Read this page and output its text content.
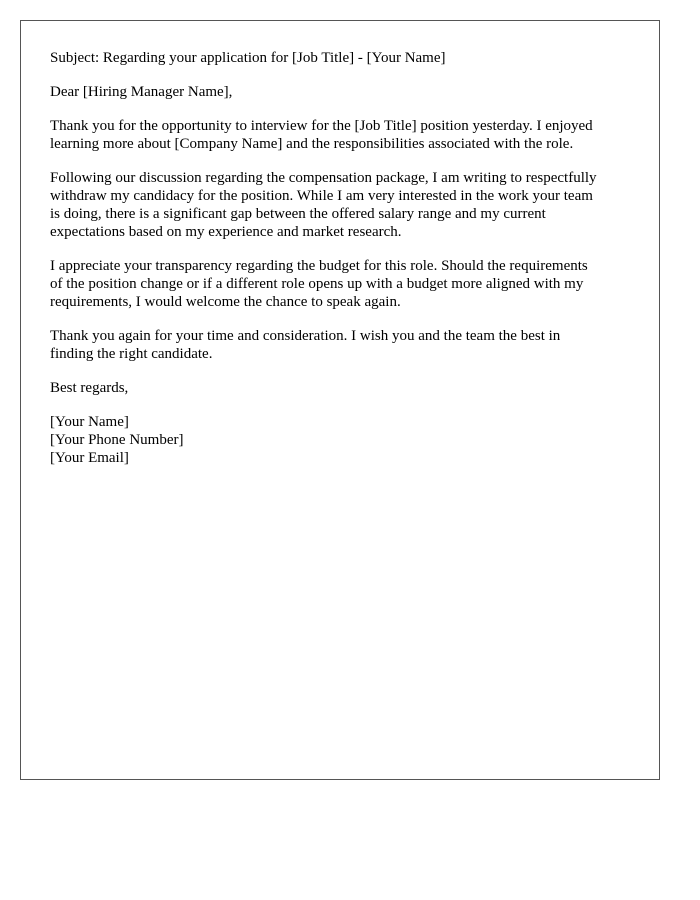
Subject: Regarding your application for [Job Title] - [Your Name]

Dear [Hiring Manager Name],

Thank you for the opportunity to interview for the [Job Title] position yesterday. I enjoyed

learning more about [Company Name] and the responsibilities associated with the role.

Following our discussion regarding the compensation package, I am writing to respectfully

withdraw my candidacy for the position. While I am very interested in the work your team

is doing, there is a significant gap between the offered salary range and my current

expectations based on my experience and market research.

I appreciate your transparency regarding the budget for this role. Should the requirements

of the position change or if a different role opens up with a budget more aligned with my

requirements, I would welcome the chance to speak again.

Thank you again for your time and consideration. I wish you and the team the best in

finding the right candidate.

Best regards,

[Your Name]

[Your Phone Number]

[Your Email]
